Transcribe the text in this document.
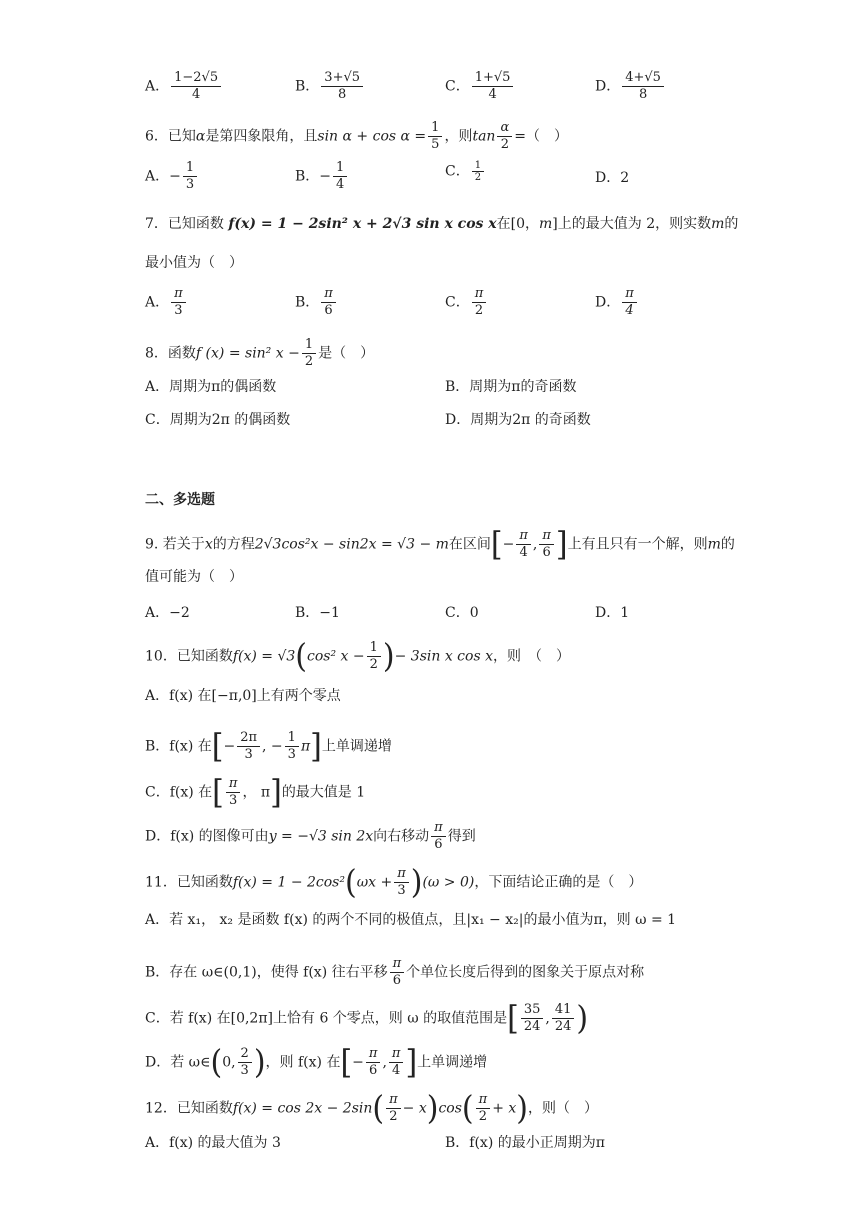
A． $\frac{1-2√5}{4}$	B． $\frac{3+√5}{8}$	C． $\frac{1+√5}{4}$	D． $\frac{4+√5}{8}$
6．已知α是第四象限角，且$\sin \alpha + \cos \alpha = \frac{1}{5}$ ，则$\tan \frac{\alpha}{2}$ =（　）
A．− $\frac{1}{3}$	B．− $\frac{1}{4}$	C． $\frac{1}{2}$	D．2
7．已知函数 f(x) = 1 − 2sin² x + 2√3 sin x cos x在[0，m]上的最大值为 2，则实数m的
最小值为（　）
A． $\frac{\pi}{3}$	B． $\frac{\pi}{6}$	C． $\frac{\pi}{2}$	D． $\frac{\pi}{4}$
8．函数f (x) = sin² $x - \frac{1}{2}$ 是（　）
A．周期为π的偶函数	B．周期为π的奇函数
C．周期为2π 的偶函数	D．周期为2π 的奇函数
二、多选题
9. 若关于x的方程2√3cos²x − sin2x = √3 − m在区间[− $\frac{\pi}{4}$ , $\frac{\pi}{6}$ ]上有且只有一个解，则m的
值可能为（　）
A．−2	B．−1	C．0	D．1
10．已知函数f(x) = √3(cos² $x - \frac{1}{2}$ )− 3sin x cos x，则　（　）
A．f(x) 在[−π,0]上有两个零点
B．f(x) 在[− $\frac{2\pi}{3}$ , − $\frac{1}{3} \pi$]上单调递增
C．f(x) 在[ $\frac{\pi}{3}$ ， π]的最大值是 1
D．f(x) 的图像可由y = −√3 sin 2x向右移动 $\frac{\pi}{6}$ 得到
11．已知函数$f(x) = 1 - 2\cos^2(\omega x + \frac{\pi}{3} )(\omega > 0)$，下面结论正确的是（　）
A．若 x₁， x₂ 是函数 f(x) 的两个不同的极值点，且|x₁ − x₂|的最小值为π，则 ω = 1
B．存在 ω∈(0,1)，使得 f(x) 往右平移 $\frac{\pi}{6}$ 个单位长度后得到的图象关于原点对称
C．若 f(x) 在[0,2π]上恰有 6 个零点，则 ω 的取值范围是[ $\frac{35}{24}$ , $\frac{41}{24}$ )
D．若 ω∈(0, $\frac{2}{3}$ )，则 f(x) 在[− $\frac{\pi}{6}$ , $\frac{\pi}{4}$ ]上单调递增
12．已知函数$f(x) = \cos 2x - 2\sin( \frac{\pi}{2} - x)\cos( \frac{\pi}{2} + x)$，则（　）
A．f(x) 的最大值为 3	B．f(x) 的最小正周期为π
